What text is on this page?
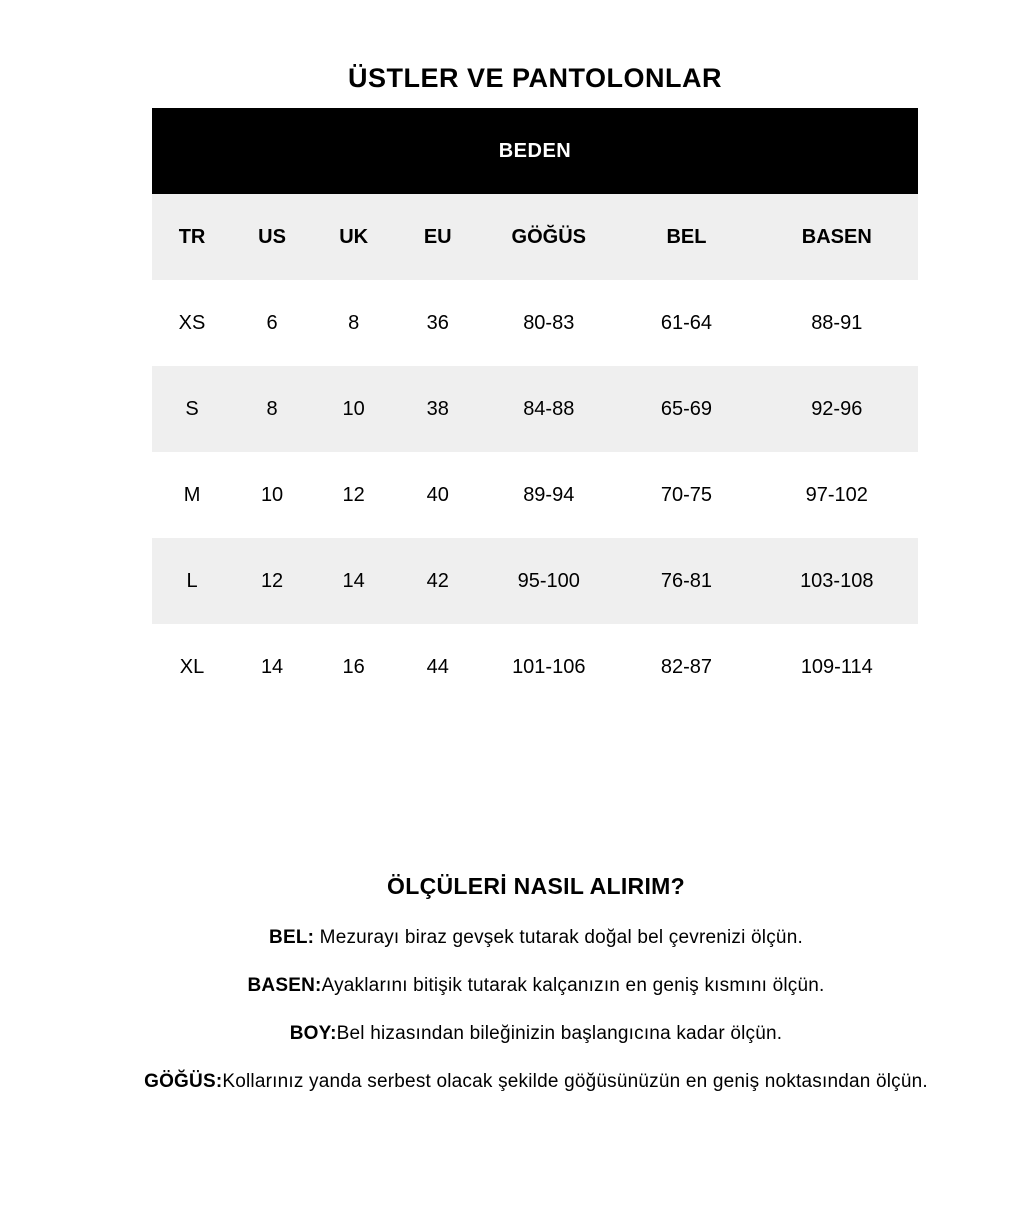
ÜSTLER VE PANTOLONLAR
BEDEN
TR	US	UK	EU	GÖĞÜS	BEL	BASEN
XS	6	8	36	80-83	61-64	88-91
S	8	10	38	84-88	65-69	92-96
M	10	12	40	89-94	70-75	97-102
L	12	14	42	95-100	76-81	103-108
XL	14	16	44	101-106	82-87	109-114
ÖLÇÜLERİ NASIL ALIRIM?
BEL: Mezurayı biraz gevşek tutarak doğal bel çevrenizi ölçün.
BASEN:Ayaklarını bitişik tutarak kalçanızın en geniş kısmını ölçün.
BOY:Bel hizasından bileğinizin başlangıcına kadar ölçün.
GÖĞÜS:Kollarınız yanda serbest olacak şekilde göğüsünüzün en geniş noktasından ölçün.
